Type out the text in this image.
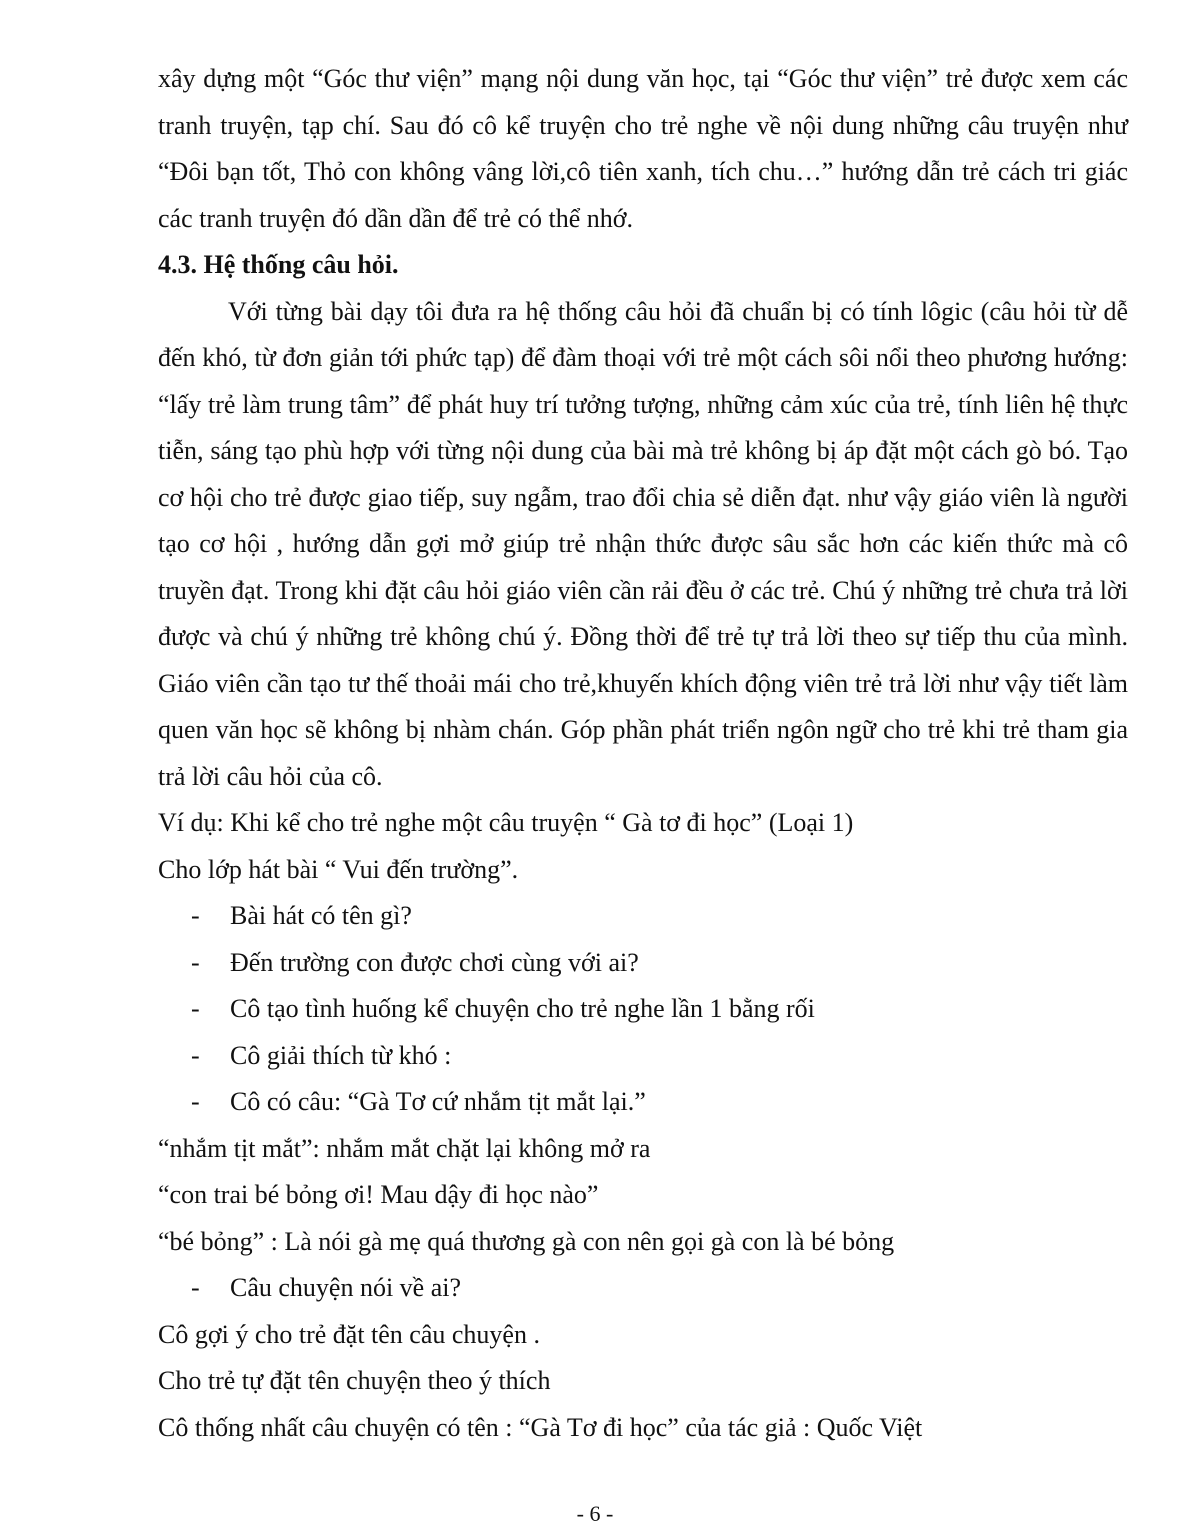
xây dựng một “Góc thư viện” mạng nội dung văn học, tại “Góc thư viện” trẻ được xem các tranh truyện, tạp chí. Sau đó cô kể truyện cho trẻ nghe về nội dung những câu truyện như “Đôi bạn tốt, Thỏ con không vâng lời,cô tiên xanh, tích chu…” hướng dẫn trẻ cách tri giác các tranh truyện đó dần dần để trẻ có thể nhớ.

4.3. Hệ thống câu hỏi.

Với từng bài dạy tôi đưa ra hệ thống câu hỏi đã chuẩn bị có tính lôgic (câu hỏi từ dễ đến khó, từ đơn giản tới phức tạp) để đàm thoại với trẻ một cách sôi nổi theo phương hướng: “lấy trẻ làm trung tâm” để phát huy trí tưởng tượng, những cảm xúc của trẻ, tính liên hệ thực tiễn, sáng tạo phù hợp với từng nội dung của bài mà trẻ không bị áp đặt một cách gò bó. Tạo cơ hội cho trẻ được giao tiếp, suy ngẫm, trao đổi chia sẻ diễn đạt. như vậy giáo viên là người tạo cơ hội , hướng dẫn gợi mở giúp trẻ nhận thức được sâu sắc hơn các kiến thức mà cô truyền đạt. Trong khi đặt câu hỏi giáo viên cần rải đều ở các trẻ. Chú ý những trẻ chưa trả lời được và chú ý những trẻ không chú ý. Đồng thời để trẻ tự trả lời theo sự tiếp thu của mình. Giáo viên cần tạo tư thế thoải mái cho trẻ,khuyến khích động viên trẻ trả lời như vậy tiết làm quen văn học sẽ không bị nhàm chán. Góp phần phát triển ngôn ngữ cho trẻ khi trẻ tham gia trả lời câu hỏi của cô.

Ví dụ: Khi kể cho trẻ nghe một câu truyện “ Gà tơ đi học” (Loại 1)

Cho lớp hát bài “ Vui đến trường”.

- Bài hát có tên gì?

- Đến trường con được chơi cùng với ai?

- Cô tạo tình huống kể chuyện cho trẻ nghe lần 1 bằng rối

- Cô giải thích từ khó :

- Cô có câu: “Gà Tơ cứ nhắm tịt mắt lại.”

“nhắm tịt mắt”: nhắm mắt chặt lại không mở ra

“con trai bé bỏng ơi! Mau dậy đi học nào”

“bé bỏng” : Là nói gà mẹ quá thương gà con nên gọi gà con là bé bỏng

- Câu chuyện nói về ai?

Cô gợi ý cho trẻ đặt tên câu chuyện .

Cho trẻ tự đặt tên chuyện theo ý thích

Cô thống nhất câu chuyện có tên : “Gà Tơ đi học” của tác giả : Quốc Việt

- 6 -
